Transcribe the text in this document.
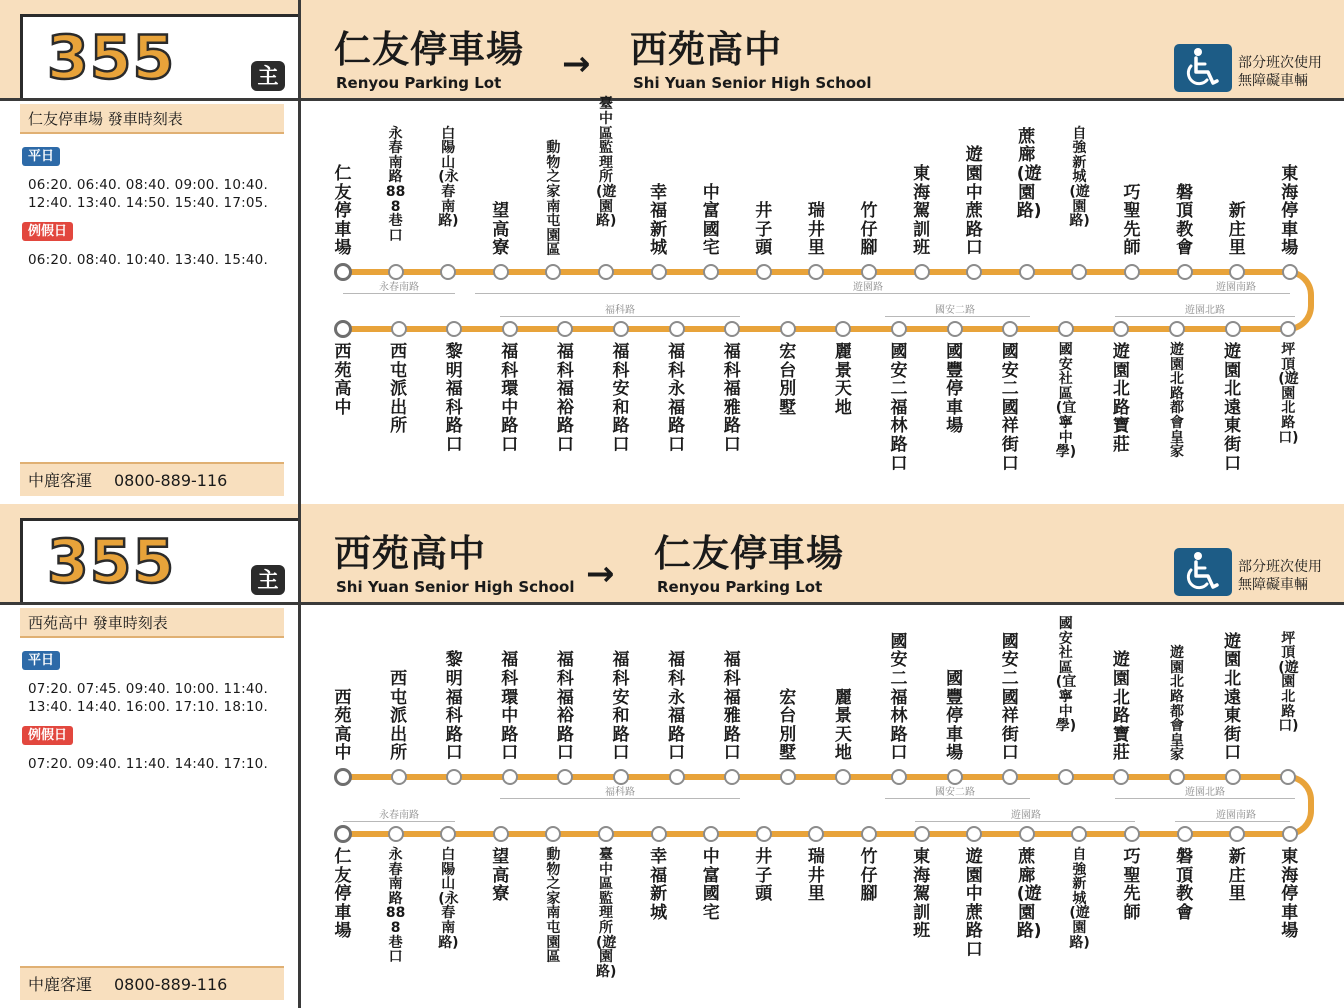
355	主
仁友停車場
Renyou Parking Lot → 西苑高中
Shi Yuan Senior High School
部分班次使用
無障礙車輛
仁友停車場 發車時刻表
平日
06:20. 06:40. 08:40. 09:00. 10:40.
12:40. 13:40. 14:50. 15:40. 17:05.
例假日
06:20. 08:40. 10:40. 13:40. 15:40.
中鹿客運 0800-889-116
永春南路	遊園路	遊園南路
福科路	國安二路	遊園北路
仁友停車場
永春南路888巷口
白陽山(永春南路) 望高寮
動物之家南屯園區
臺中區監理所(遊園路)
幸福新城
中富國宅
井子頭
瑞井里
竹仔腳
東海駕訓班
遊園中蔗路口
蔗廍(遊園路)
自強新城(遊園路)
巧聖先師
磐頂教會
新庄里
東海停車場
西苑高中
西屯派出所
黎明福科路口
福科環中路口
福科福裕路口
福科安和路口
福科永福路口
福科福雅路口
宏台別墅
麗景天地
國安二福林路口
國豐停車場
國安二國祥街口
國安社區(宜寧中學)
遊園北路寶莊
遊園北路都會皇家
遊園北遠東街口
坪頂(遊園北路口)
355	主
西苑高中
Shi Yuan Senior High School → 仁友停車場
Renyou Parking Lot
部分班次使用
無障礙車輛
西苑高中 發車時刻表
平日
07:20. 07:45. 09:40. 10:00. 11:40.
13:40. 14:40. 16:00. 17:10. 18:10.
例假日
07:20. 09:40. 11:40. 14:40. 17:10.
中鹿客運 0800-889-116
福科路	國安二路	遊園北路
永春南路	遊園路	遊園南路
西苑高中
西屯派出所
黎明福科路口
福科環中路口
福科福裕路口
福科安和路口
福科永福路口
福科福雅路口
宏台別墅
麗景天地
國安二福林路口
國豐停車場
國安二國祥街口
國安社區(宜寧中學)
遊園北路寶莊
遊園北路都會皇家
遊園北遠東街口
坪頂(遊園北路口)
仁友停車場
永春南路888巷口
白陽山(永春南路)
望高寮
動物之家南屯園區
臺中區監理所(遊園路)
幸福新城
中富國宅
井子頭
瑞井里
竹仔腳
東海駕訓班
遊園中蔗路口
蔗廍(遊園路)
自強新城(遊園路)
巧聖先師
磐頂教會
新庄里
東海停車場
